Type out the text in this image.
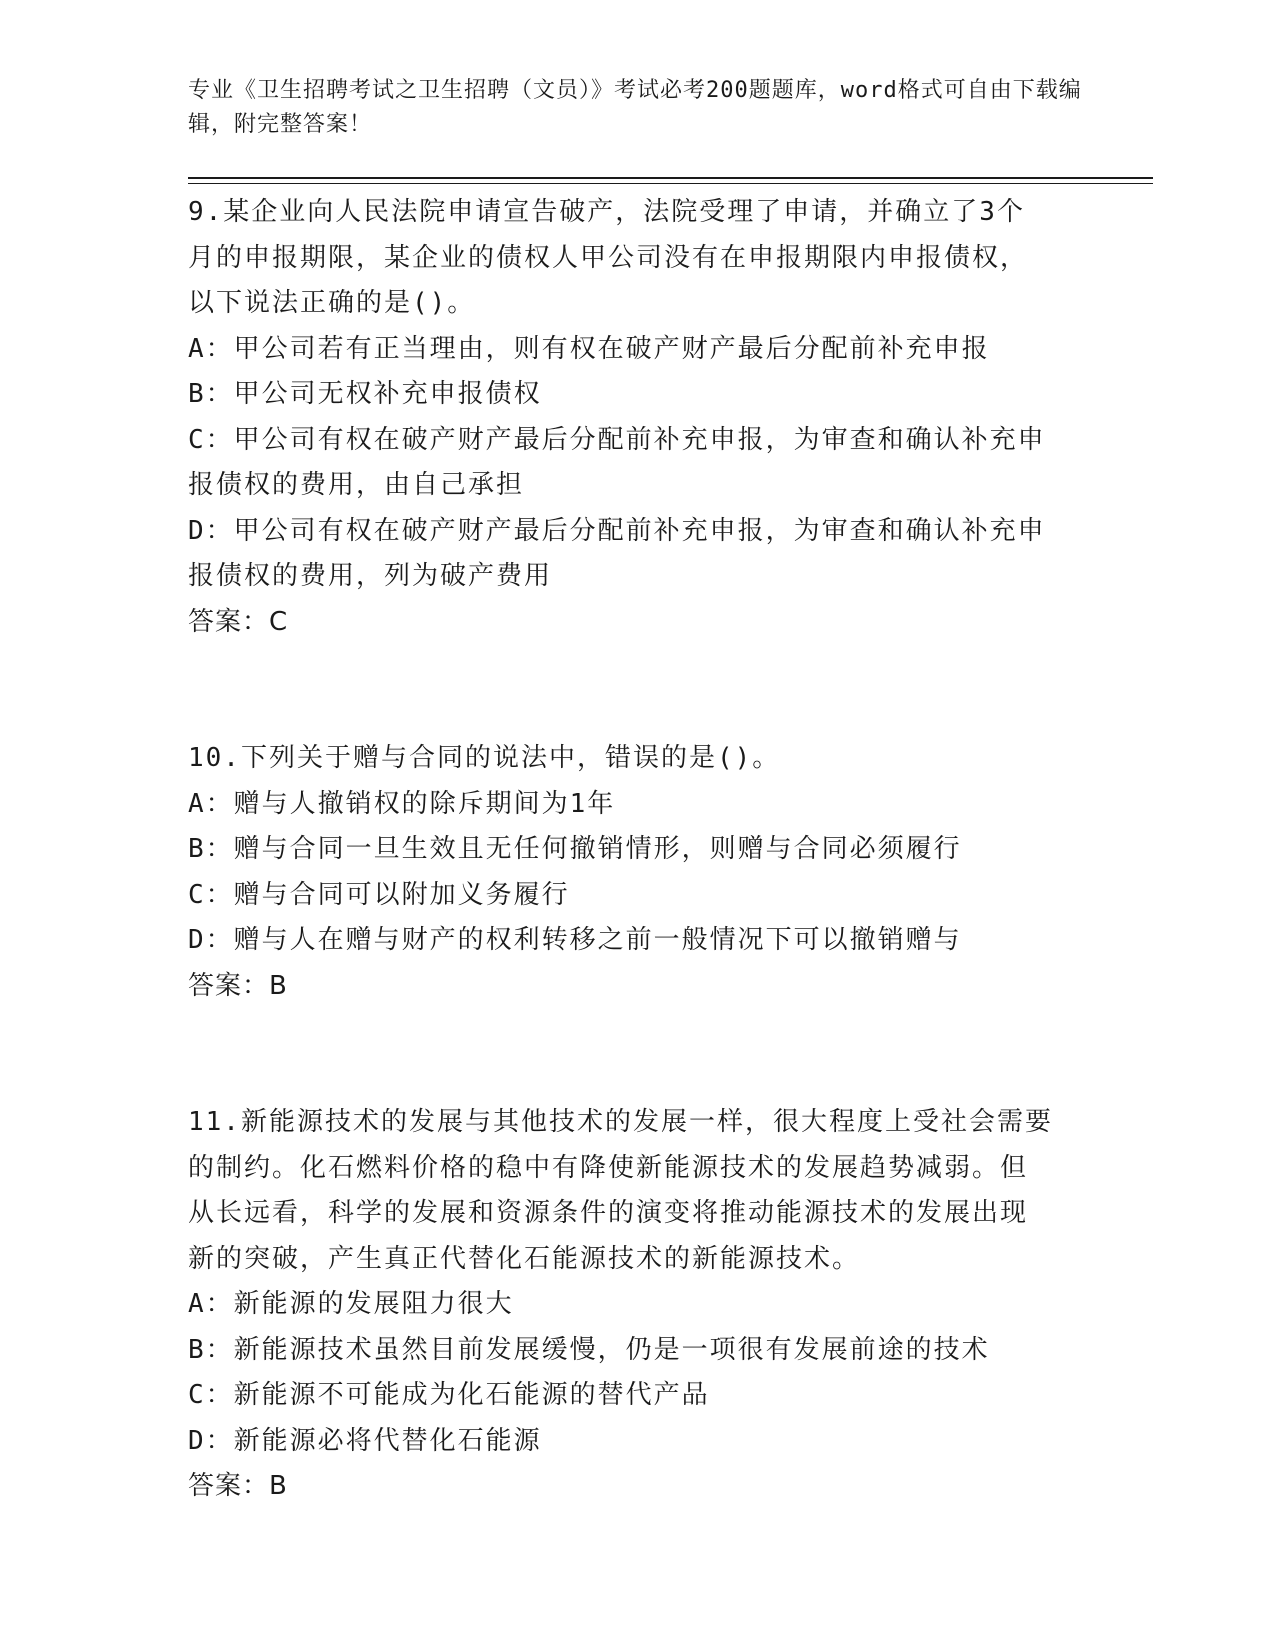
专业《卫生招聘考试之卫生招聘（文员）》考试必考200题题库，word格式可自由下载编辑，附完整答案！
9.某企业向人民法院申请宣告破产，法院受理了申请，并确立了3个
月的申报期限，某企业的债权人甲公司没有在申报期限内申报债权，
以下说法正确的是()。
A：甲公司若有正当理由，则有权在破产财产最后分配前补充申报
B：甲公司无权补充申报债权
C：甲公司有权在破产财产最后分配前补充申报，为审查和确认补充申
报债权的费用，由自己承担
D：甲公司有权在破产财产最后分配前补充申报，为审查和确认补充申
报债权的费用，列为破产费用
答案：C
10.下列关于赠与合同的说法中，错误的是()。
A：赠与人撤销权的除斥期间为1年
B：赠与合同一旦生效且无任何撤销情形，则赠与合同必须履行
C：赠与合同可以附加义务履行
D：赠与人在赠与财产的权利转移之前一般情况下可以撤销赠与
答案：B
11.新能源技术的发展与其他技术的发展一样，很大程度上受社会需要
的制约。化石燃料价格的稳中有降使新能源技术的发展趋势减弱。但
从长远看，科学的发展和资源条件的演变将推动能源技术的发展出现
新的突破，产生真正代替化石能源技术的新能源技术。
A：新能源的发展阻力很大
B：新能源技术虽然目前发展缓慢，仍是一项很有发展前途的技术
C：新能源不可能成为化石能源的替代产品
D：新能源必将代替化石能源
答案：B
